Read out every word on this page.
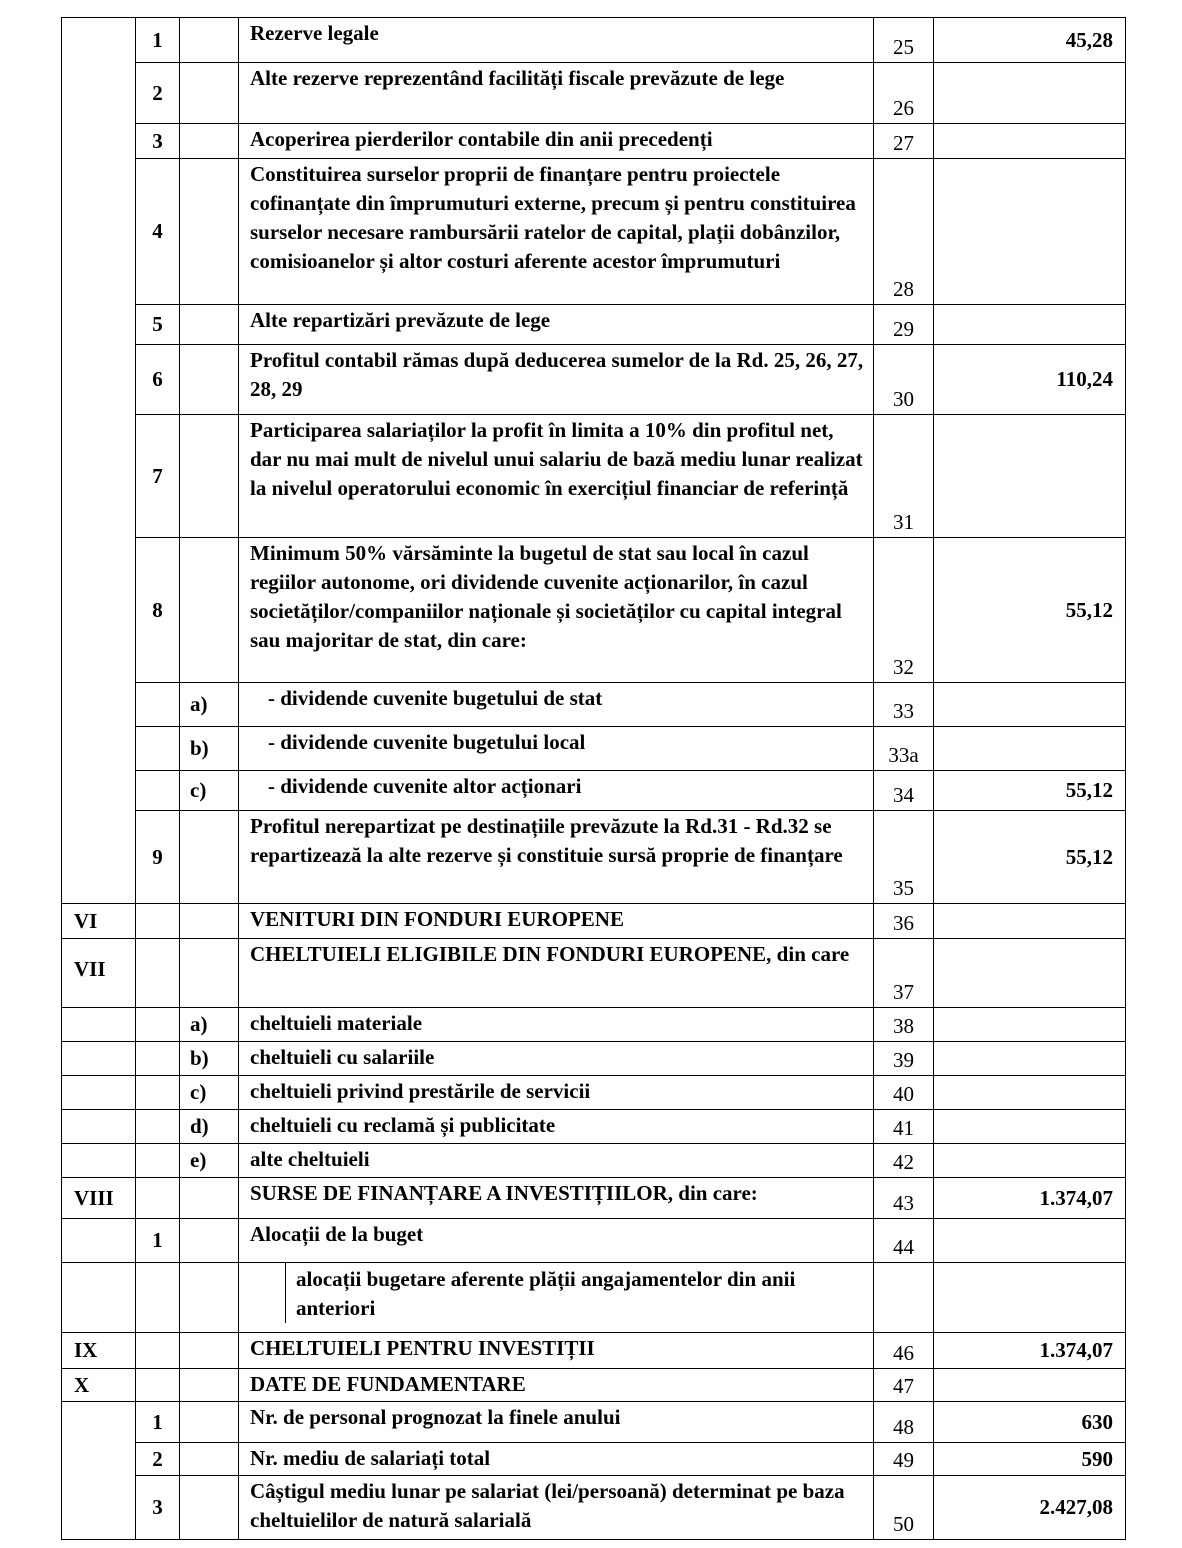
	1		Rezerve legale	25	45,28
	2		Alte rezerve reprezentând facilități fiscale prevăzute de lege	26	
	3		Acoperirea pierderilor contabile din anii precedenți	27	
	4		Constituirea surselor proprii de finanțare pentru proiectele cofinanțate din împrumuturi externe, precum și pentru constituirea surselor necesare rambursării ratelor de capital, plații dobânzilor, comisioanelor și altor costuri aferente acestor împrumuturi	28	
	5		Alte repartizări prevăzute de lege	29	
	6		Profitul contabil rămas după deducerea sumelor de la Rd. 25, 26, 27, 28, 29	30	110,24
	7		Participarea salariaților la profit în limita a 10% din profitul net, dar nu mai mult de nivelul unui salariu de bază mediu lunar realizat la nivelul operatorului economic în exercițiul financiar de referință	31	
	8		Minimum 50% vărsăminte la bugetul de stat sau local în cazul regiilor autonome, ori dividende cuvenite acționarilor, în cazul societăților/companiilor naționale și societăților cu capital integral sau majoritar de stat, din care:	32	55,12
		a)	- dividende cuvenite bugetului de stat	33	
		b)	- dividende cuvenite bugetului local	33a	
		c)	- dividende cuvenite altor acționari	34	55,12
	9		Profitul nerepartizat pe destinațiile prevăzute la Rd.31 - Rd.32 se repartizează la alte rezerve și constituie sursă proprie de finanțare	35	55,12
VI			VENITURI DIN FONDURI EUROPENE	36	
VII			CHELTUIELI ELIGIBILE DIN FONDURI EUROPENE, din care	37	
		a)	cheltuieli materiale	38	
		b)	cheltuieli cu salariile	39	
		c)	cheltuieli privind prestările de servicii	40	
		d)	cheltuieli cu reclamă și publicitate	41	
		e)	alte cheltuieli	42	
VIII			SURSE DE FINANȚARE A INVESTIȚIILOR, din care:	43	1.374,07
	1		Alocații de la buget	44	

			alocații bugetare aferente plății angajamentelor din anii anteriori		

IX			CHELTUIELI PENTRU INVESTIȚII	46	1.374,07
X			DATE DE FUNDAMENTARE	47	
	1		Nr. de personal prognozat la finele anului	48	630
	2		Nr. mediu de salariați total	49	590
	3		Câștigul mediu lunar pe salariat (lei/persoană) determinat pe baza cheltuielilor de natură salarială	50	2.427,08
